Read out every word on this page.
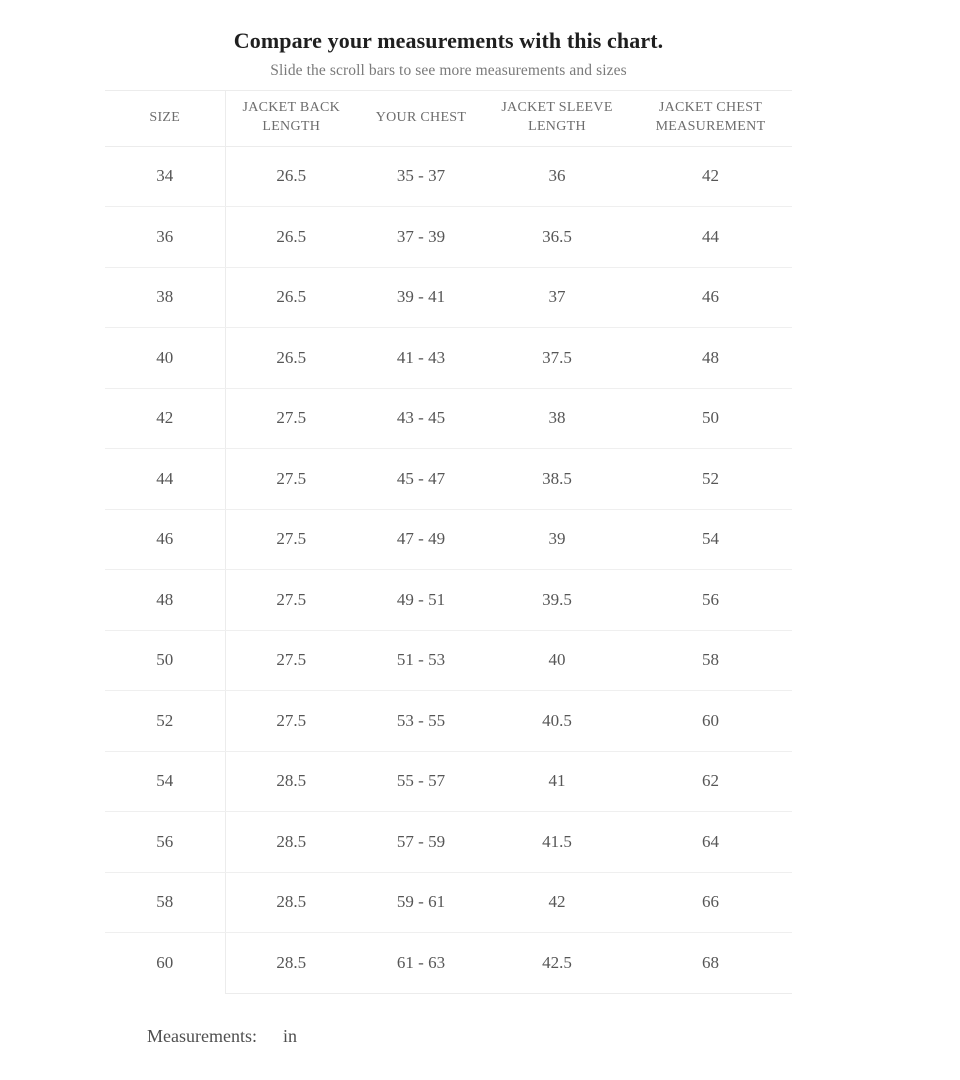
Compare your measurements with this chart.
Slide the scroll bars to see more measurements and sizes
SIZE	JACKET BACK LENGTH	YOUR CHEST	JACKET SLEEVE LENGTH	JACKET CHEST MEASUREMENT
34	26.5	35 - 37	36	42
36	26.5	37 - 39	36.5	44
38	26.5	39 - 41	37	46
40	26.5	41 - 43	37.5	48
42	27.5	43 - 45	38	50
44	27.5	45 - 47	38.5	52
46	27.5	47 - 49	39	54
48	27.5	49 - 51	39.5	56
50	27.5	51 - 53	40	58
52	27.5	53 - 55	40.5	60
54	28.5	55 - 57	41	62
56	28.5	57 - 59	41.5	64
58	28.5	59 - 61	42	66
60	28.5	61 - 63	42.5	68
Measurements: in
